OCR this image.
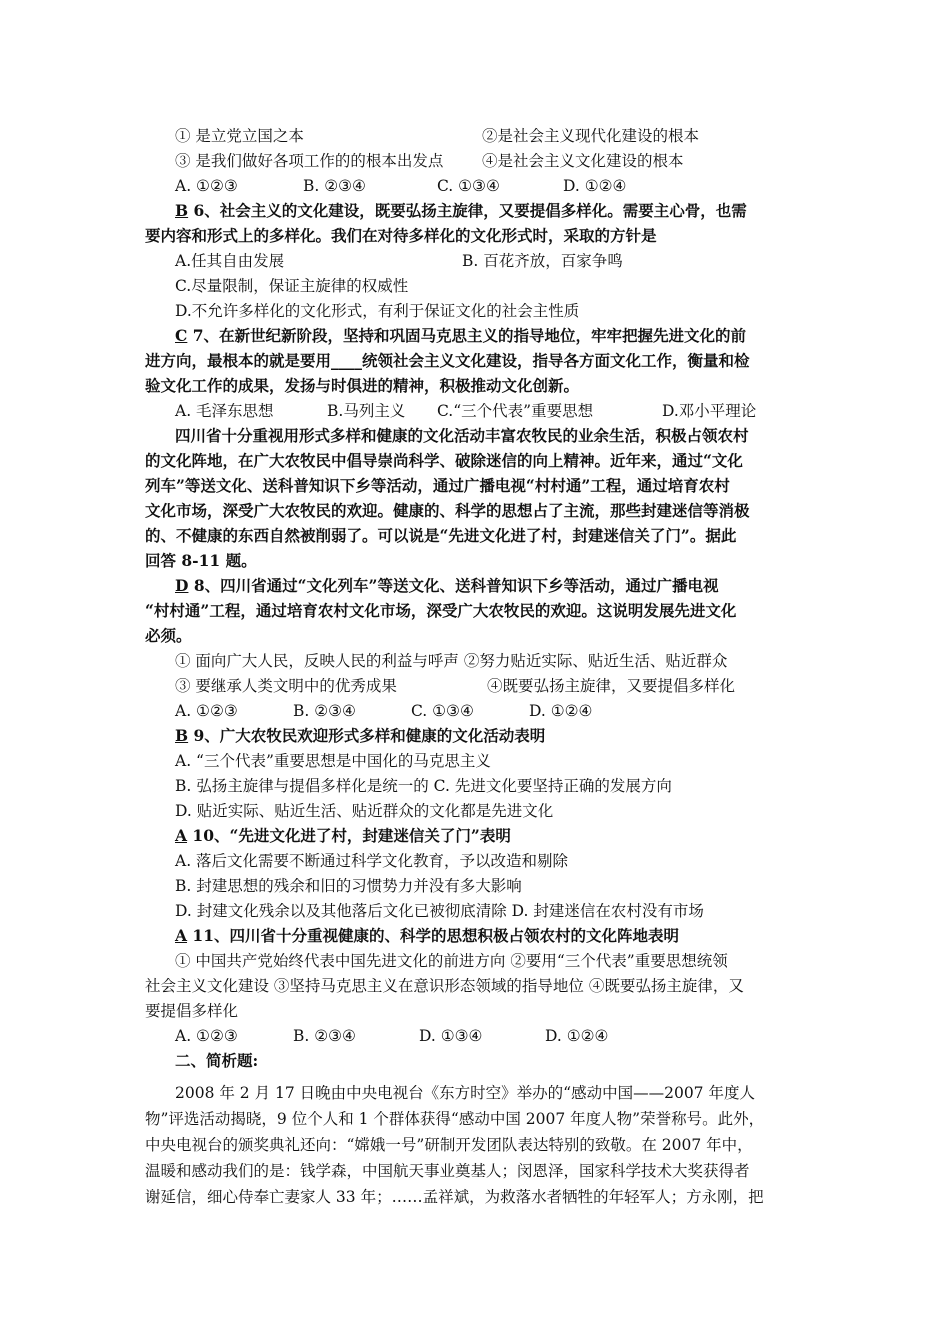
① 是立党立国之本	②是社会主义现代化建设的根本
③ 是我们做好各项工作的的根本出发点 ④是社会主义文化建设的根本
A. ①②③	B. ②③④	C. ①③④	D. ①②④
B 6、社会主义的文化建设，既要弘扬主旋律，又要提倡多样化。需要主心骨，也需
要内容和形式上的多样化。我们在对待多样化的文化形式时，采取的方针是
A.任其自由发展	B. 百花齐放，百家争鸣
C.尽量限制，保证主旋律的权威性
D.不允许多样化的文化形式，有利于保证文化的社会主性质
C 7、在新世纪新阶段，坚持和巩固马克思主义的指导地位，牢牢把握先进文化的前
进方向，最根本的就是要用____统领社会主义文化建设，指导各方面文化工作，衡量和检
验文化工作的成果，发扬与时俱进的精神，积极推动文化创新。
A. 毛泽东思想	B.马列主义 C.“三个代表”重要思想	D.邓小平理论
四川省十分重视用形式多样和健康的文化活动丰富农牧民的业余生活，积极占领农村
的文化阵地，在广大农牧民中倡导崇尚科学、破除迷信的向上精神。近年来，通过“文化
列车”等送文化、送科普知识下乡等活动，通过广播电视“村村通”工程，通过培育农村
文化市场，深受广大农牧民的欢迎。健康的、科学的思想占了主流，那些封建迷信等消极
的、不健康的东西自然被削弱了。可以说是“先进文化进了村，封建迷信关了门”。据此
回答 8-11 题。
D 8、四川省通过“文化列车”等送文化、送科普知识下乡等活动，通过广播电视
“村村通”工程，通过培育农村文化市场，深受广大农牧民的欢迎。这说明发展先进文化
必须。
① 面向广大人民，反映人民的利益与呼声 ②努力贴近实际、贴近生活、贴近群众
③ 要继承人类文明中的优秀成果	④既要弘扬主旋律，又要提倡多样化
A. ①②③	B. ②③④	C. ①③④	D. ①②④
B 9、广大农牧民欢迎形式多样和健康的文化活动表明
A. “三个代表”重要思想是中国化的马克思主义
B. 弘扬主旋律与提倡多样化是统一的 C. 先进文化要坚持正确的发展方向
D. 贴近实际、贴近生活、贴近群众的文化都是先进文化
A 10、“先进文化进了村，封建迷信关了门”表明
A. 落后文化需要不断通过科学文化教育，予以改造和剔除
B. 封建思想的残余和旧的习惯势力并没有多大影响
D. 封建文化残余以及其他落后文化已被彻底清除 D. 封建迷信在农村没有市场
A 11、四川省十分重视健康的、科学的思想积极占领农村的文化阵地表明
① 中国共产党始终代表中国先进文化的前进方向 ②要用“三个代表”重要思想统领
社会主义文化建设 ③坚持马克思主义在意识形态领域的指导地位 ④既要弘扬主旋律，又
要提倡多样化
A. ①②③	B. ②③④	D. ①③④	D. ①②④
二、简析题:
2008 年 2 月 17 日晚由中央电视台《东方时空》举办的“感动中国——2007 年度人
物”评选活动揭晓，9 位个人和 1 个群体获得“感动中国 2007 年度人物”荣誉称号。此外，
中央电视台的颁奖典礼还向：“嫦娥一号”研制开发团队表达特别的致敬。在 2007 年中，
温暖和感动我们的是：钱学森，中国航天事业奠基人；闵恩泽，国家科学技术大奖获得者
谢延信，细心侍奉亡妻家人 33 年；……孟祥斌，为救落水者牺牲的年轻军人；方永刚，把
